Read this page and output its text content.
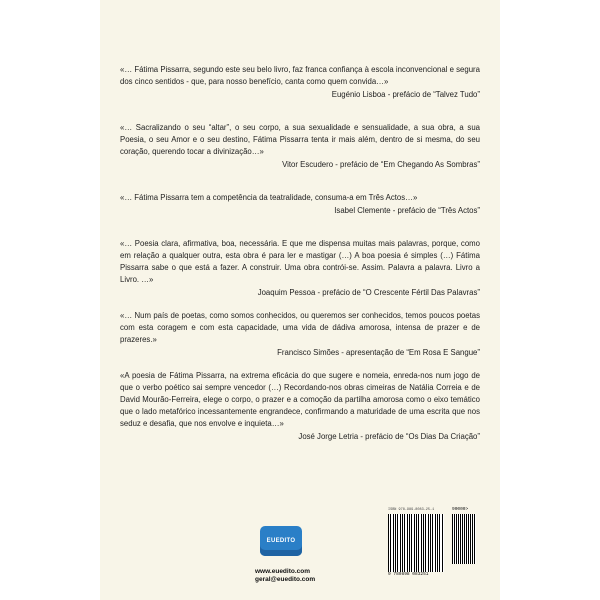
«… Fátima Pissarra, segundo este seu belo livro, faz franca confiança à escola inconvencional e segura dos cinco sentidos - que, para nosso benefício, canta como quem convida…»
Eugénio Lisboa - prefácio de “Talvez Tudo”
«… Sacralizando o seu “altar”, o seu corpo, a sua sexualidade e sensualidade, a sua obra, a sua Poesia, o seu Amor e o seu destino, Fátima Pissarra tenta ir mais além, dentro de si mesma, do seu coração, querendo tocar a divinização…»
Vitor Escudero - prefácio de “Em Chegando As Sombras”
«… Fátima Pissarra tem a competência da teatralidade, consuma-a em Três Actos…»
Isabel Clemente - prefácio de “Três Actos”
«… Poesia clara, afirmativa, boa, necessária. E que me dispensa muitas mais palavras, porque, como em relação a qualquer outra, esta obra é para ler e mastigar (…) A boa poesia é simples (…) Fátima Pissarra sabe o que está a fazer. A construir. Uma obra contrói-se. Assim. Palavra a palavra. Livro a Livro. …»
Joaquim Pessoa - prefácio de “O Crescente Fértil Das Palavras”
«… Num país de poetas, como somos conhecidos, ou queremos ser conhecidos, temos poucos poetas com esta coragem e com esta capacidade, uma vida de dádiva amorosa, intensa de prazer e de prazeres.»
Francisco Simões - apresentação de “Em Rosa E Sangue”
«A poesia de Fátima Pissarra, na extrema eficácia do que sugere e nomeia, enreda-nos num jogo de que o verbo poético sai sempre vencedor (…) Recordando-nos obras cimeiras de Natália Correia e de David Mourão-Ferreira, elege o corpo, o prazer e a comoção da partilha amorosa como o eixo temático que o lado metafórico incessantemente engrandece, confirmando a maturidade de uma escrita que nos seduz e desafia, que nos envolve e inquieta…»
José Jorge Letria - prefácio de “Os Dias Da Criação”
EUEDITO
www.euedito.com
geral@euedito.com
ISBN 978-989-8083-25-1	90000>
9 789898 083251
